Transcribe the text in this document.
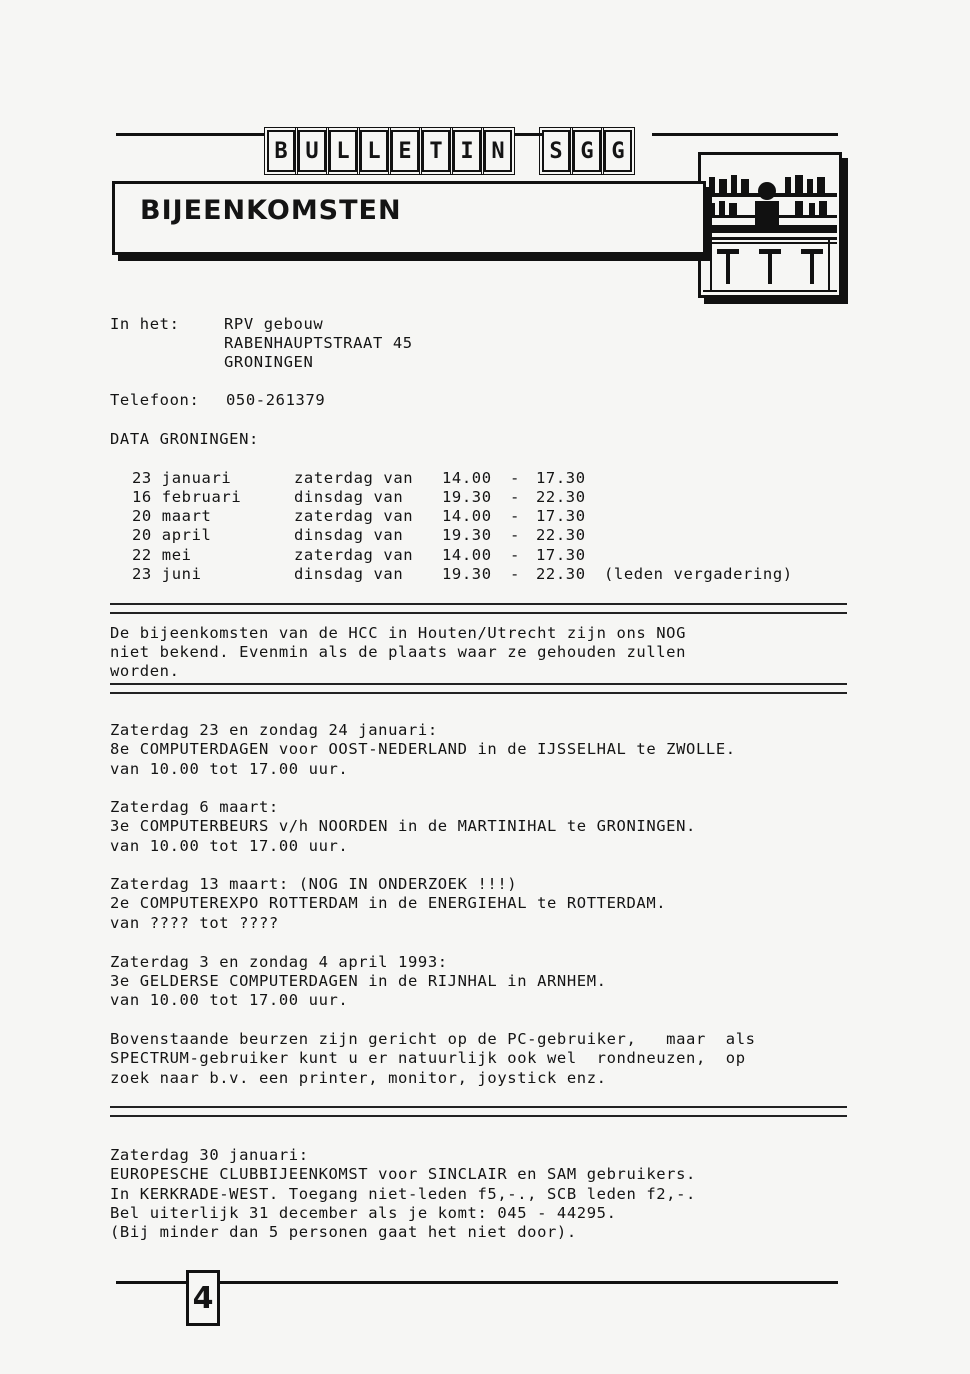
B U L L E T I N	S G G
BIJEENKOMSTEN
In het:	RPV gebouw
RABENHAUPTSTRAAT 45
GRONINGEN
Telefoon: 050-261379
DATA GRONINGEN:
23 januari	zaterdag van 14.00 - 17.30
16 februari	dinsdag van	19.30 - 22.30
20 maart	zaterdag van 14.00 - 17.30
20 april	dinsdag van	19.30 - 22.30
22 mei	zaterdag van 14.00 - 17.30
23 juni	dinsdag van	19.30 - 22.30 (leden vergadering)
De bijeenkomsten van de HCC in Houten/Utrecht zijn ons NOG
niet bekend. Evenmin als de plaats waar ze gehouden zullen
worden.
Zaterdag 23 en zondag 24 januari:
8e COMPUTERDAGEN voor OOST-NEDERLAND in de IJSSELHAL te ZWOLLE.
van 10.00 tot 17.00 uur.
Zaterdag 6 maart:
3e COMPUTERBEURS v/h NOORDEN in de MARTINIHAL te GRONINGEN.
van 10.00 tot 17.00 uur.
Zaterdag 13 maart: (NOG IN ONDERZOEK !!!)
2e COMPUTEREXPO ROTTERDAM in de ENERGIEHAL te ROTTERDAM.
van ???? tot ????
Zaterdag 3 en zondag 4 april 1993:
3e GELDERSE COMPUTERDAGEN in de RIJNHAL in ARNHEM.
van 10.00 tot 17.00 uur.
Bovenstaande beurzen zijn gericht op de PC-gebruiker,   maar  als
SPECTRUM-gebruiker kunt u er natuurlijk ook wel  rondneuzen,  op
zoek naar b.v. een printer, monitor, joystick enz.
Zaterdag 30 januari:
EUROPESCHE CLUBBIJEENKOMST voor SINCLAIR en SAM gebruikers.
In KERKRADE-WEST. Toegang niet-leden f5,-., SCB leden f2,-.
Bel uiterlijk 31 december als je komt: 045 - 44295.
(Bij minder dan 5 personen gaat het niet door).
4
